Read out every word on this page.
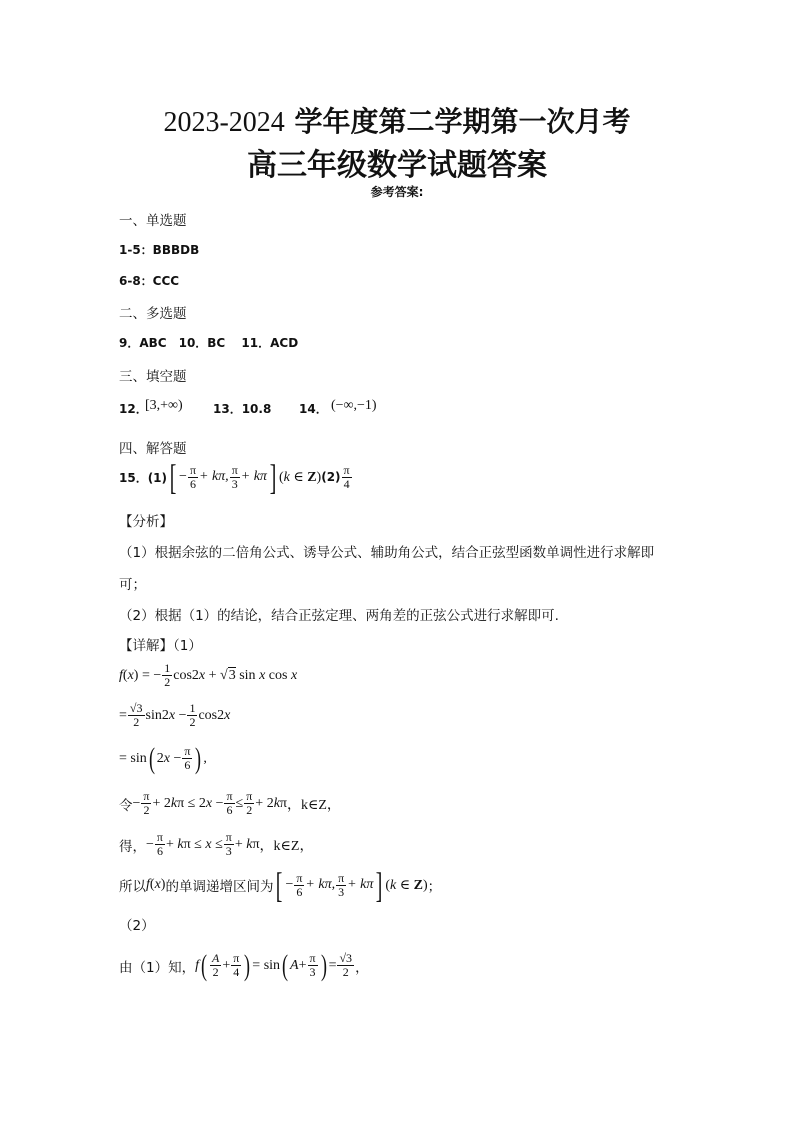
2023-2024 学年度第二学期第一次月考
高三年级数学试题答案
参考答案:
一、单选题
1-5：BBBDB
6-8：CCC
二、多选题
9．ABC　10．BC　 11．ACD
三、填空题
12．
[3,+∞)	13．10.8 14． (−∞,−1)
四、解答题
15．(1) [ − $\frac{\pi}{6} + k\pi$, $\frac{\pi}{3} + k\pi$ ] (k ∈ Z) $(2) \frac{\pi}{4}$
【分析】
（1）根据余弦的二倍角公式、诱导公式、辅助角公式，结合正弦型函数单调性进行求解即
可；
（2）根据（1）的结论，结合正弦定理、两角差的正弦公式进行求解即可.
【详解】（1）
f ( x ) = − $\frac{1}{2} \cos 2x + √3$ sin x cos x
= $\frac{√3}{2} \sin 2x - \frac{1}{2} \cos 2x$
= sin ( $2x - \frac{\pi}{6}$ ) ,
令 − $\frac{\pi}{2} + 2k\pi \le 2x - \frac{\pi}{6} \le \frac{\pi}{2} + 2k\pi$ ，k∈Z，
得， − $\frac{\pi}{6} + k\pi \le x \le \frac{\pi}{3} + k\pi$ ，k∈Z，
所以 f (x) 的单调递增区间为 [ − $\frac{\pi}{6} + k\pi$, $\frac{\pi}{3} + k\pi$ ] (k ∈ Z) ；
（2）
由（1）知， f ( $\frac{A}{2} + \frac{\pi}{4}$ ) = sin ( $A + \frac{\pi}{3}$ ) = $\frac{√3}{2}$ ，
